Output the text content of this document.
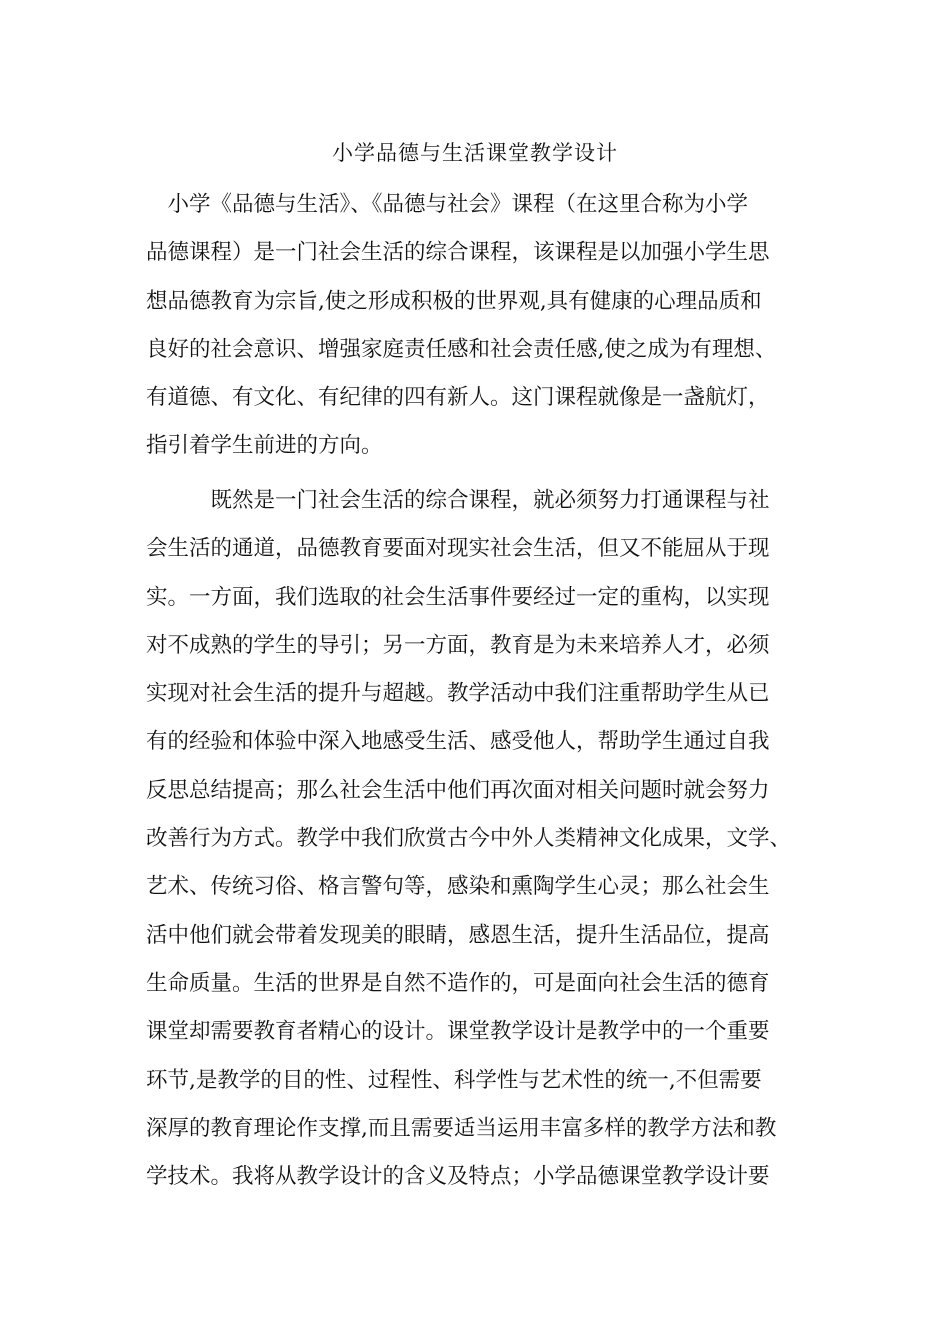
小学品德与生活课堂教学设计
　小学《品德与生活》、《品德与社会》课程（在这里合称为小学
品德课程）是一门社会生活的综合课程，该课程是以加强小学生思
想品德教育为宗旨,使之形成积极的世界观,具有健康的心理品质和
良好的社会意识、增强家庭责任感和社会责任感,使之成为有理想、
有道德、有文化、有纪律的四有新人。这门课程就像是一盏航灯，
指引着学生前进的方向。
　　　既然是一门社会生活的综合课程，就必须努力打通课程与社
会生活的通道，品德教育要面对现实社会生活，但又不能屈从于现
实。一方面，我们选取的社会生活事件要经过一定的重构，以实现
对不成熟的学生的导引；另一方面，教育是为未来培养人才，必须
实现对社会生活的提升与超越。教学活动中我们注重帮助学生从已
有的经验和体验中深入地感受生活、感受他人，帮助学生通过自我
反思总结提高；那么社会生活中他们再次面对相关问题时就会努力
改善行为方式。教学中我们欣赏古今中外人类精神文化成果，文学、
艺术、传统习俗、格言警句等，感染和熏陶学生心灵；那么社会生
活中他们就会带着发现美的眼睛，感恩生活，提升生活品位，提高
生命质量。生活的世界是自然不造作的，可是面向社会生活的德育
课堂却需要教育者精心的设计。课堂教学设计是教学中的一个重要
环节,是教学的目的性、过程性、科学性与艺术性的统一,不但需要
深厚的教育理论作支撑,而且需要适当运用丰富多样的教学方法和教
学技术。我将从教学设计的含义及特点；小学品德课堂教学设计要
